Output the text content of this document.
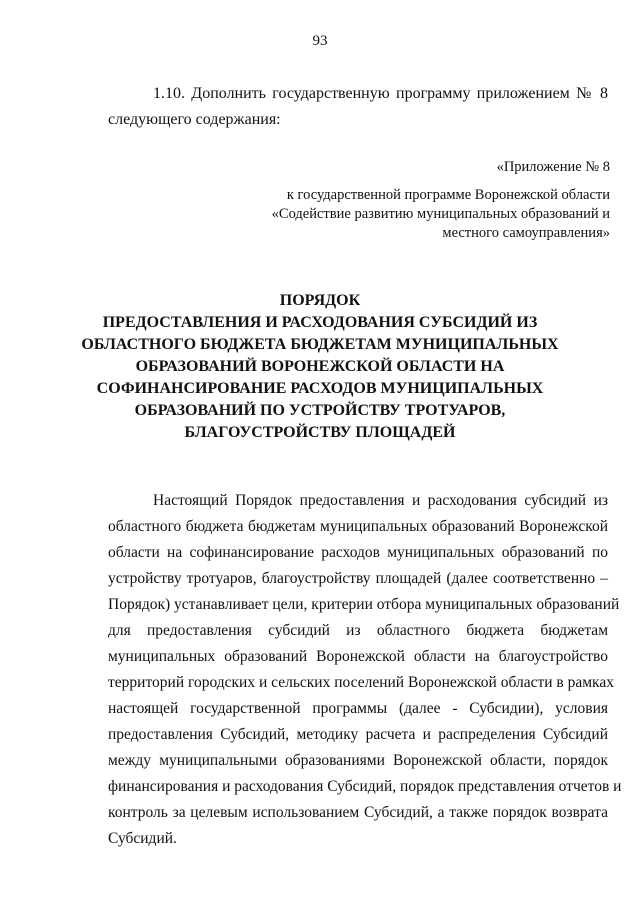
93
1.10. Дополнить государственную программу приложением № 8
следующего содержания:
«Приложение № 8
к государственной программе Воронежской области
«Содействие развитию муниципальных образований и
местного самоуправления»
ПОРЯДОК
ПРЕДОСТАВЛЕНИЯ И РАСХОДОВАНИЯ СУБСИДИЙ ИЗ
ОБЛАСТНОГО БЮДЖЕТА БЮДЖЕТАМ МУНИЦИПАЛЬНЫХ
ОБРАЗОВАНИЙ ВОРОНЕЖСКОЙ ОБЛАСТИ НА
СОФИНАНСИРОВАНИЕ РАСХОДОВ МУНИЦИПАЛЬНЫХ
ОБРАЗОВАНИЙ ПО УСТРОЙСТВУ ТРОТУАРОВ,
БЛАГОУСТРОЙСТВУ ПЛОЩАДЕЙ
Настоящий Порядок предоставления и расходования субсидий из
областного бюджета бюджетам муниципальных образований Воронежской
области на софинансирование расходов муниципальных образований по
устройству тротуаров, благоустройству площадей (далее соответственно –
Порядок) устанавливает цели, критерии отбора муниципальных образований
для предоставления субсидий из областного бюджета бюджетам
муниципальных образований Воронежской области на благоустройство
территорий городских и сельских поселений Воронежской области в рамках
настоящей государственной программы (далее - Субсидии), условия
предоставления Субсидий, методику расчета и распределения Субсидий
между муниципальными образованиями Воронежской области, порядок
финансирования и расходования Субсидий, порядок представления отчетов и
контроль за целевым использованием Субсидий, а также порядок возврата
Субсидий.
